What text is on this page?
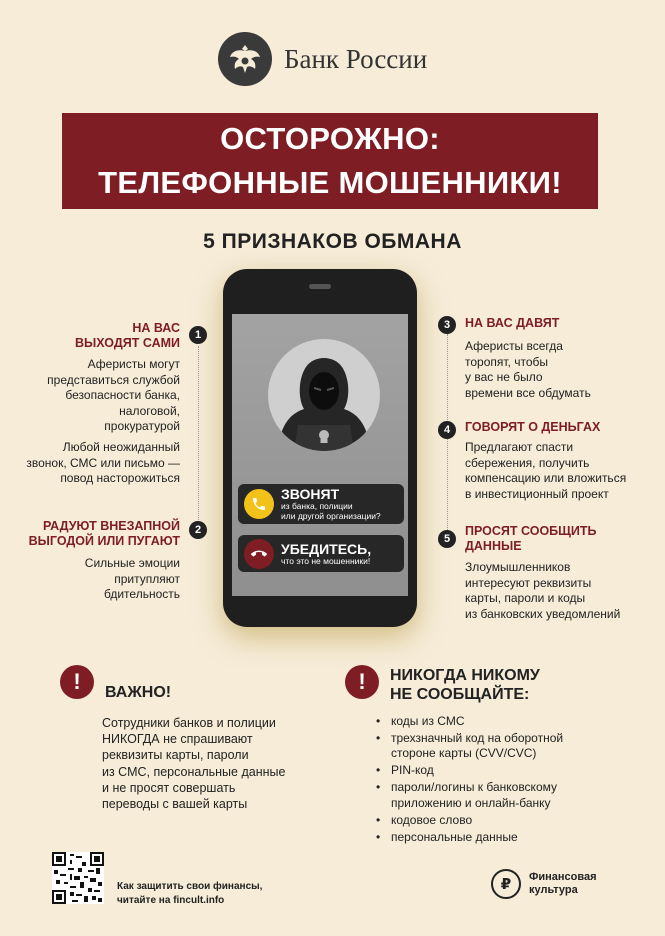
Банк России
ОСТОРОЖНО:
ТЕЛЕФОННЫЕ МОШЕННИКИ!
5 ПРИЗНАКОВ ОБМАНА
ЗВОНЯТ
из банка, полиции
или другой организации?
УБЕДИТЕСЬ,
что это не мошенники!
1
НА ВАС
ВЫХОДЯТ САМИ
Аферисты могут
представиться службой
безопасности банка,
налоговой,
прокуратурой
Любой неожиданный
звонок, СМС или письмо —
повод насторожиться
2
РАДУЮТ ВНЕЗАПНОЙ
ВЫГОДОЙ ИЛИ ПУГАЮТ
Сильные эмоции
притупляют
бдительность
3	НА ВАС ДАВЯТ
Аферисты всегда
торопят, чтобы
у вас не было
времени все обдумать
4	ГОВОРЯТ О ДЕНЬГАХ
Предлагают спасти
сбережения, получить
компенсацию или вложиться
в инвестиционный проект
5
ПРОСЯТ СООБЩИТЬ
ДАННЫЕ
Злоумышленников
интересуют реквизиты
карты, пароли и коды
из банковских уведомлений
!	ВАЖНО!
Сотрудники банков и полиции
НИКОГДА не спрашивают
реквизиты карты, пароли
из СМС, персональные данные
и не просят совершать
переводы с вашей карты
!	НИКОГДА НИКОМУ
НЕ СООБЩАЙТЕ:
• коды из СМС
• трехзначный код на оборотной
стороне карты (CVV/CVC)
• PIN-код
• пароли/логины к банковскому
приложению и онлайн-банку
• кодовое слово
• персональные данные
Как защитить свои финансы,
читайте на fincult.info
₽	Финансовая
культура
